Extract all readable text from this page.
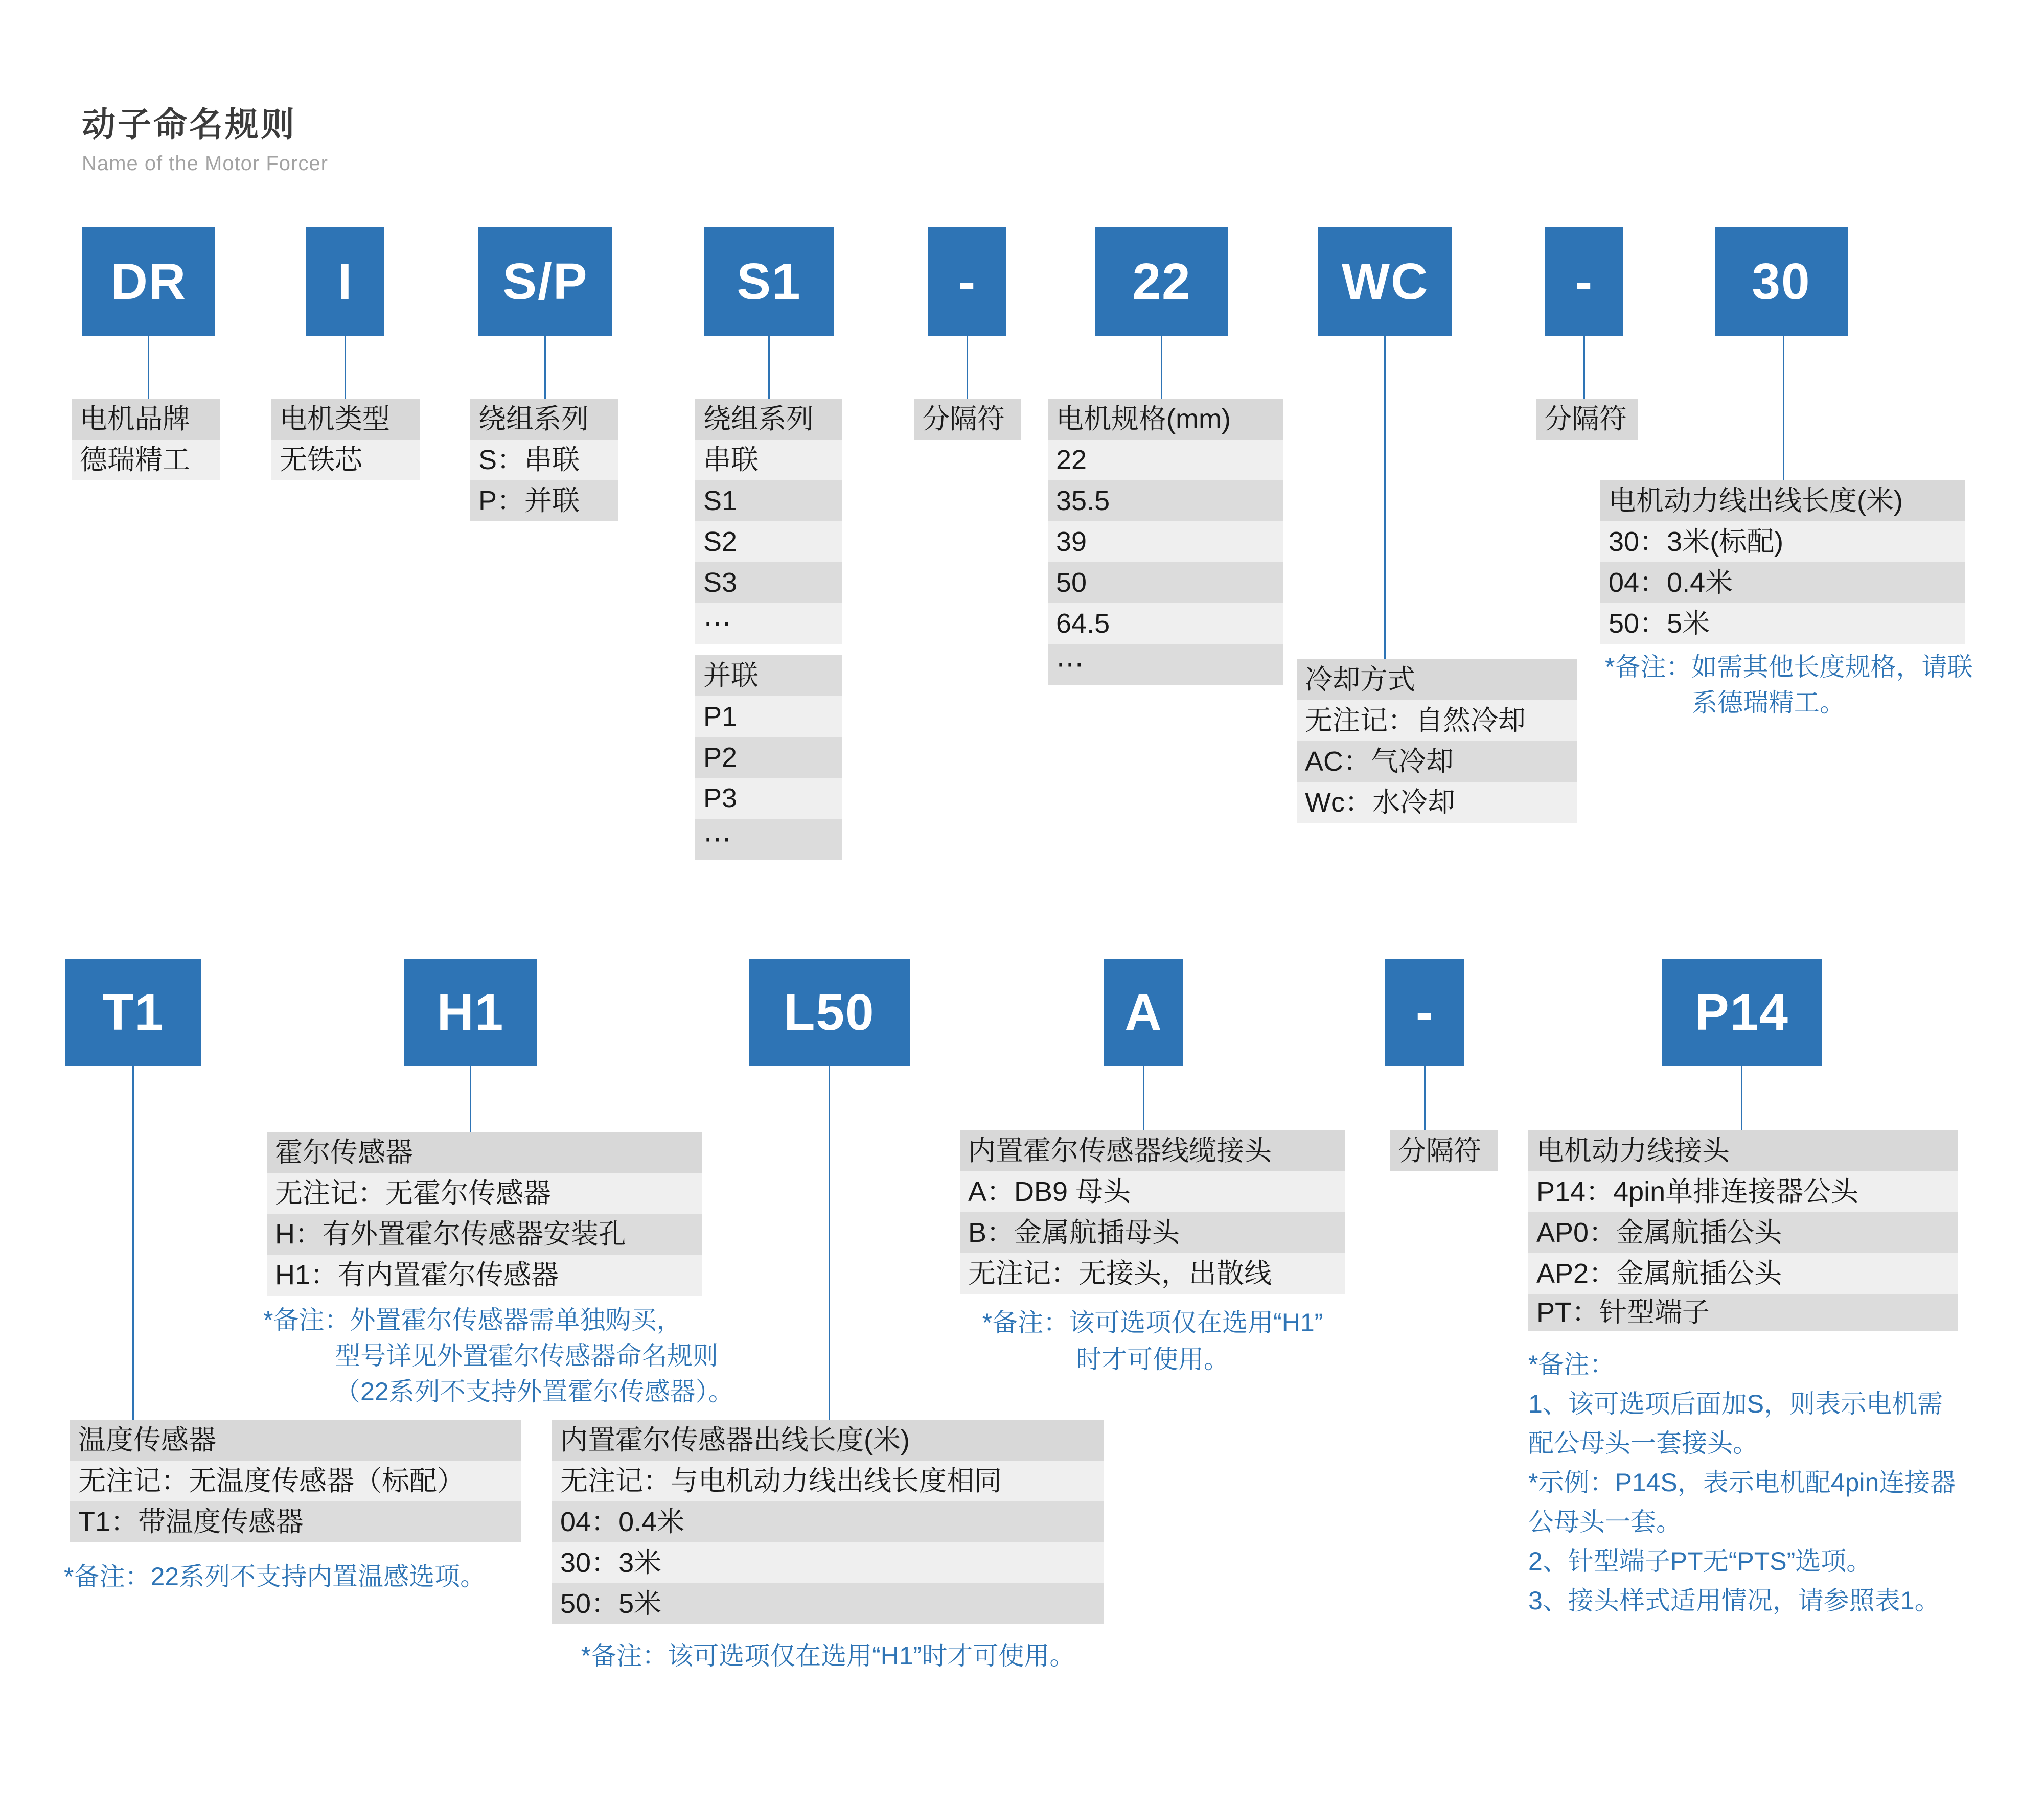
动子命名规则
Name of the Motor Forcer
DR	I	S/P	S1	-	22	WC	-	30
电机品牌
德瑞精工
电机类型
无铁芯
绕组系列
S：串联
P：并联
绕组系列
串联
S1
S2
S3
⋯
并联
P1
P2
P3
⋯
分隔符	电机规格(mm)
22
35.5
39
50
64.5
⋯	冷却方式
无注记：自然冷却
AC：气冷却
Wc：水冷却
分隔符
电机动力线出线长度(米)
30：3米(标配)
04：0.4米
50：5米
*备注：如需其他长度规格，请联
系德瑞精工。
T1	H1	L50	A	-	P14
霍尔传感器
无注记：无霍尔传感器
H：有外置霍尔传感器安装孔
H1：有内置霍尔传感器
*备注：外置霍尔传感器需单独购买，
型号详见外置霍尔传感器命名规则
（22系列不支持外置霍尔传感器）。
温度传感器
无注记：无温度传感器（标配）
T1：带温度传感器
*备注：22系列不支持内置温感选项。
内置霍尔传感器出线长度(米)
无注记：与电机动力线出线长度相同
04：0.4米
30：3米
50：5米
*备注：该可选项仅在选用“H1”时才可使用。
内置霍尔传感器线缆接头
A：DB9 母头
B：金属航插母头
无注记：无接头，出散线
*备注：该可选项仅在选用“H1”
时才可使用。
分隔符	电机动力线接头
P14：4pin单排连接器公头
AP0：金属航插公头
AP2：金属航插公头
PT：针型端子
*备注：
1、该可选项后面加S，则表示电机需
配公母头一套接头。
*示例：P14S，表示电机配4pin连接器
公母头一套。
2、针型端子PT无“PTS”选项。
3、接头样式适用情况，请参照表1。
